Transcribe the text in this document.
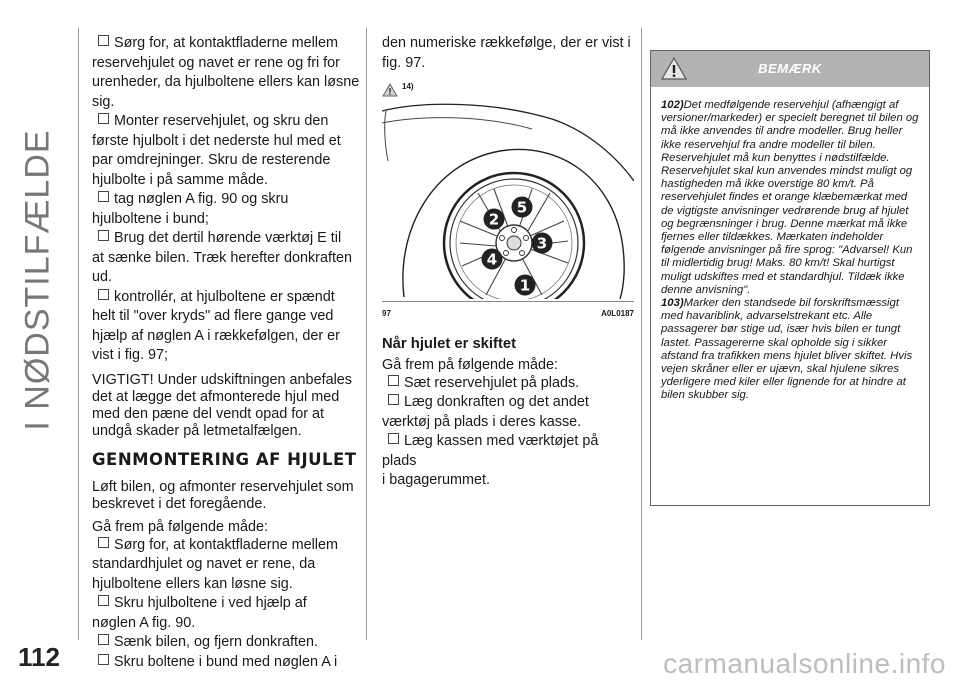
I NØDSTILFÆLDE
112	carmanualsonline.info

Sørg for, at kontaktfladerne mellem

reservehjulet og navet er rene og fri for urenheder, da hjulboltene ellers kan løsne sig.

Monter reservehjulet, og skru den

første hjulbolt i det nederste hul med et par omdrejninger. Skru de resterende hjulbolte i på samme måde.

tag nøglen A fig. 90 og skru

hjulboltene i bund;

Brug det dertil hørende værktøj E til

at sænke bilen. Træk herefter donkraften ud.

kontrollér, at hjulboltene er spændt

helt til "over kryds" ad flere gange ved hjælp af nøglen A i rækkefølgen, der er vist i fig. 97;

VIGTIGT! Under udskiftningen anbefales det at lægge det afmonterede hjul med med den pæne del vendt opad for at undgå skader på letmetalfælgen.

GENMONTERING AF HJULET

Løft bilen, og afmonter reservehjulet som beskrevet i det foregående.

Gå frem på følgende måde:

Sørg for, at kontaktfladerne mellem

standardhjulet og navet er rene, da hjulboltene ellers kan løsne sig.

Skru hjulboltene i ved hjælp af

nøglen A fig. 90.

Sænk bilen, og fjern donkraften.

Skru boltene i bund med nøglen A i

den numeriske rækkefølge, der er vist i fig. 97.

14)
1
2
3
4
5
97	A0L0187
Når hjulet er skiftet

Gå frem på følgende måde:

Sæt reservehjulet på plads.

Læg donkraften og det andet

værktøj på plads i deres kasse.

Læg kassen med værktøjet på plads

i bagagerummet.

BEMÆRK

102)Det medfølgende reservehjul (afhængigt af versioner/markeder) er specielt beregnet til bilen og må ikke anvendes til andre modeller. Brug heller ikke reservehjul fra andre modeller til bilen. Reservehjulet må kun benyttes i nødstilfælde. Reservehjulet skal kun anvendes mindst muligt og hastigheden må ikke overstige 80 km/t. På reservehjulet findes et orange klæbemærkat med de vigtigste anvisninger vedrørende brug af hjulet og begrænsninger i brug. Denne mærkat må ikke fjernes eller tildækkes. Mærkaten indeholder følgende anvisninger på fire sprog: "Advarsel! Kun til midlertidig brug! Maks. 80 km/t! Skal hurtigst muligt udskiftes med et standardhjul. Tildæk ikke denne anvisning".

103)Marker den standsede bil forskriftsmæssigt med havariblink, advarselstrekant etc. Alle passagerer bør stige ud, især hvis bilen er tungt lastet. Passagererne skal opholde sig i sikker afstand fra trafikken mens hjulet bliver skiftet. Hvis vejen skråner eller er ujævn, skal hjulene sikres yderligere med kiler eller lignende for at hindre at bilen skubber sig.
